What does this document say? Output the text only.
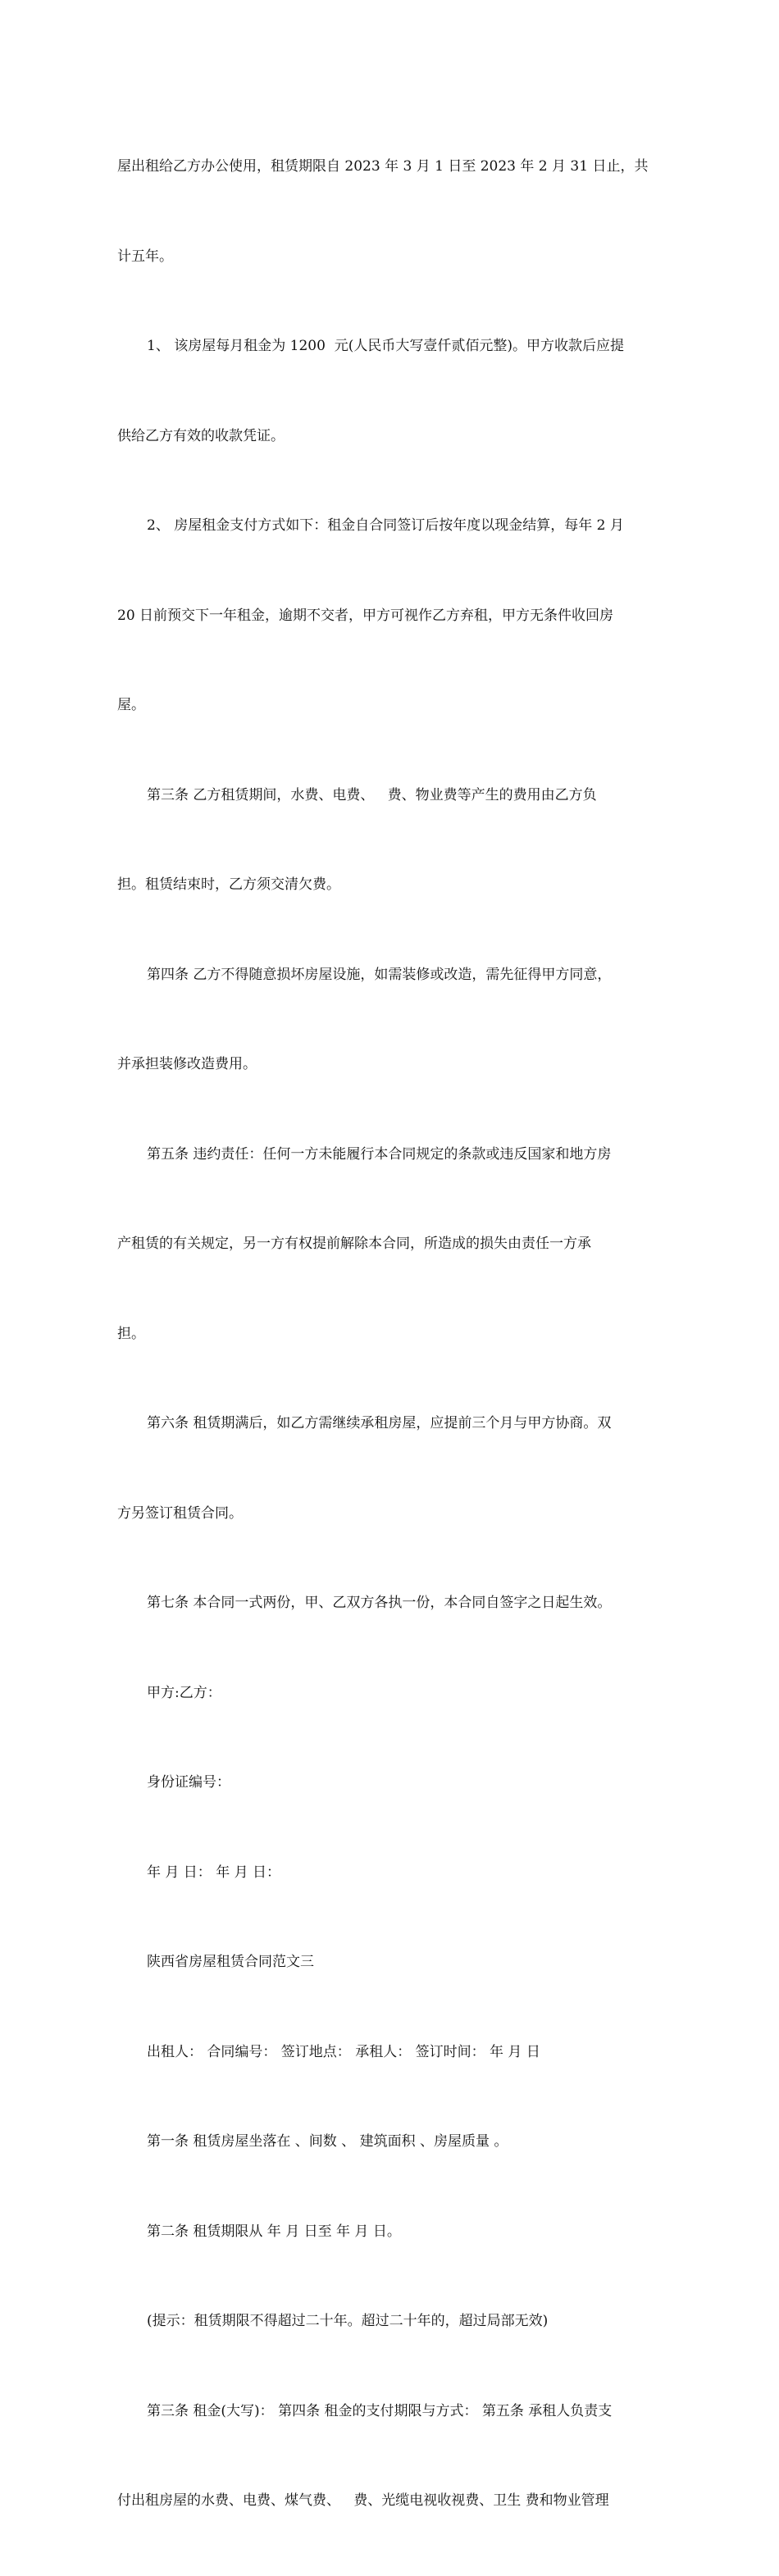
屋出租给乙方办公使用，租赁期限自 2023 年 3 月 1 日至 2023 年 2 月 31 日止，共

计五年。

1、 该房屋每月租金为 1200  元(人民币大写壹仟贰佰元整)。甲方收款后应提

供给乙方有效的收款凭证。

2、 房屋租金支付方式如下：租金自合同签订后按年度以现金结算，每年 2 月

20 日前预交下一年租金，逾期不交者，甲方可视作乙方弃租，甲方无条件收回房

屋。

第三条 乙方租赁期间，水费、电费、   费、物业费等产生的费用由乙方负

担。租赁结束时，乙方须交清欠费。

第四条 乙方不得随意损坏房屋设施，如需装修或改造，需先征得甲方同意，

并承担装修改造费用。

第五条 违约责任：任何一方未能履行本合同规定的条款或违反国家和地方房

产租赁的有关规定，另一方有权提前解除本合同，所造成的损失由责任一方承

担。

第六条 租赁期满后，如乙方需继续承租房屋，应提前三个月与甲方协商。双

方另签订租赁合同。

第七条 本合同一式两份，甲、乙双方各执一份，本合同自签字之日起生效。

甲方:乙方：

身份证编号：

年 月 日： 年 月 日：

陕西省房屋租赁合同范文三

出租人： 合同编号： 签订地点： 承租人： 签订时间： 年 月 日

第一条 租赁房屋坐落在 、间数 、 建筑面积 、房屋质量 。

第二条 租赁期限从 年 月 日至 年 月 日。

(提示：租赁期限不得超过二十年。超过二十年的，超过局部无效)

第三条 租金(大写)： 第四条 租金的支付期限与方式： 第五条 承租人负责支

付出租房屋的水费、电费、煤气费、   费、光缆电视收视费、卫生 费和物业管理
